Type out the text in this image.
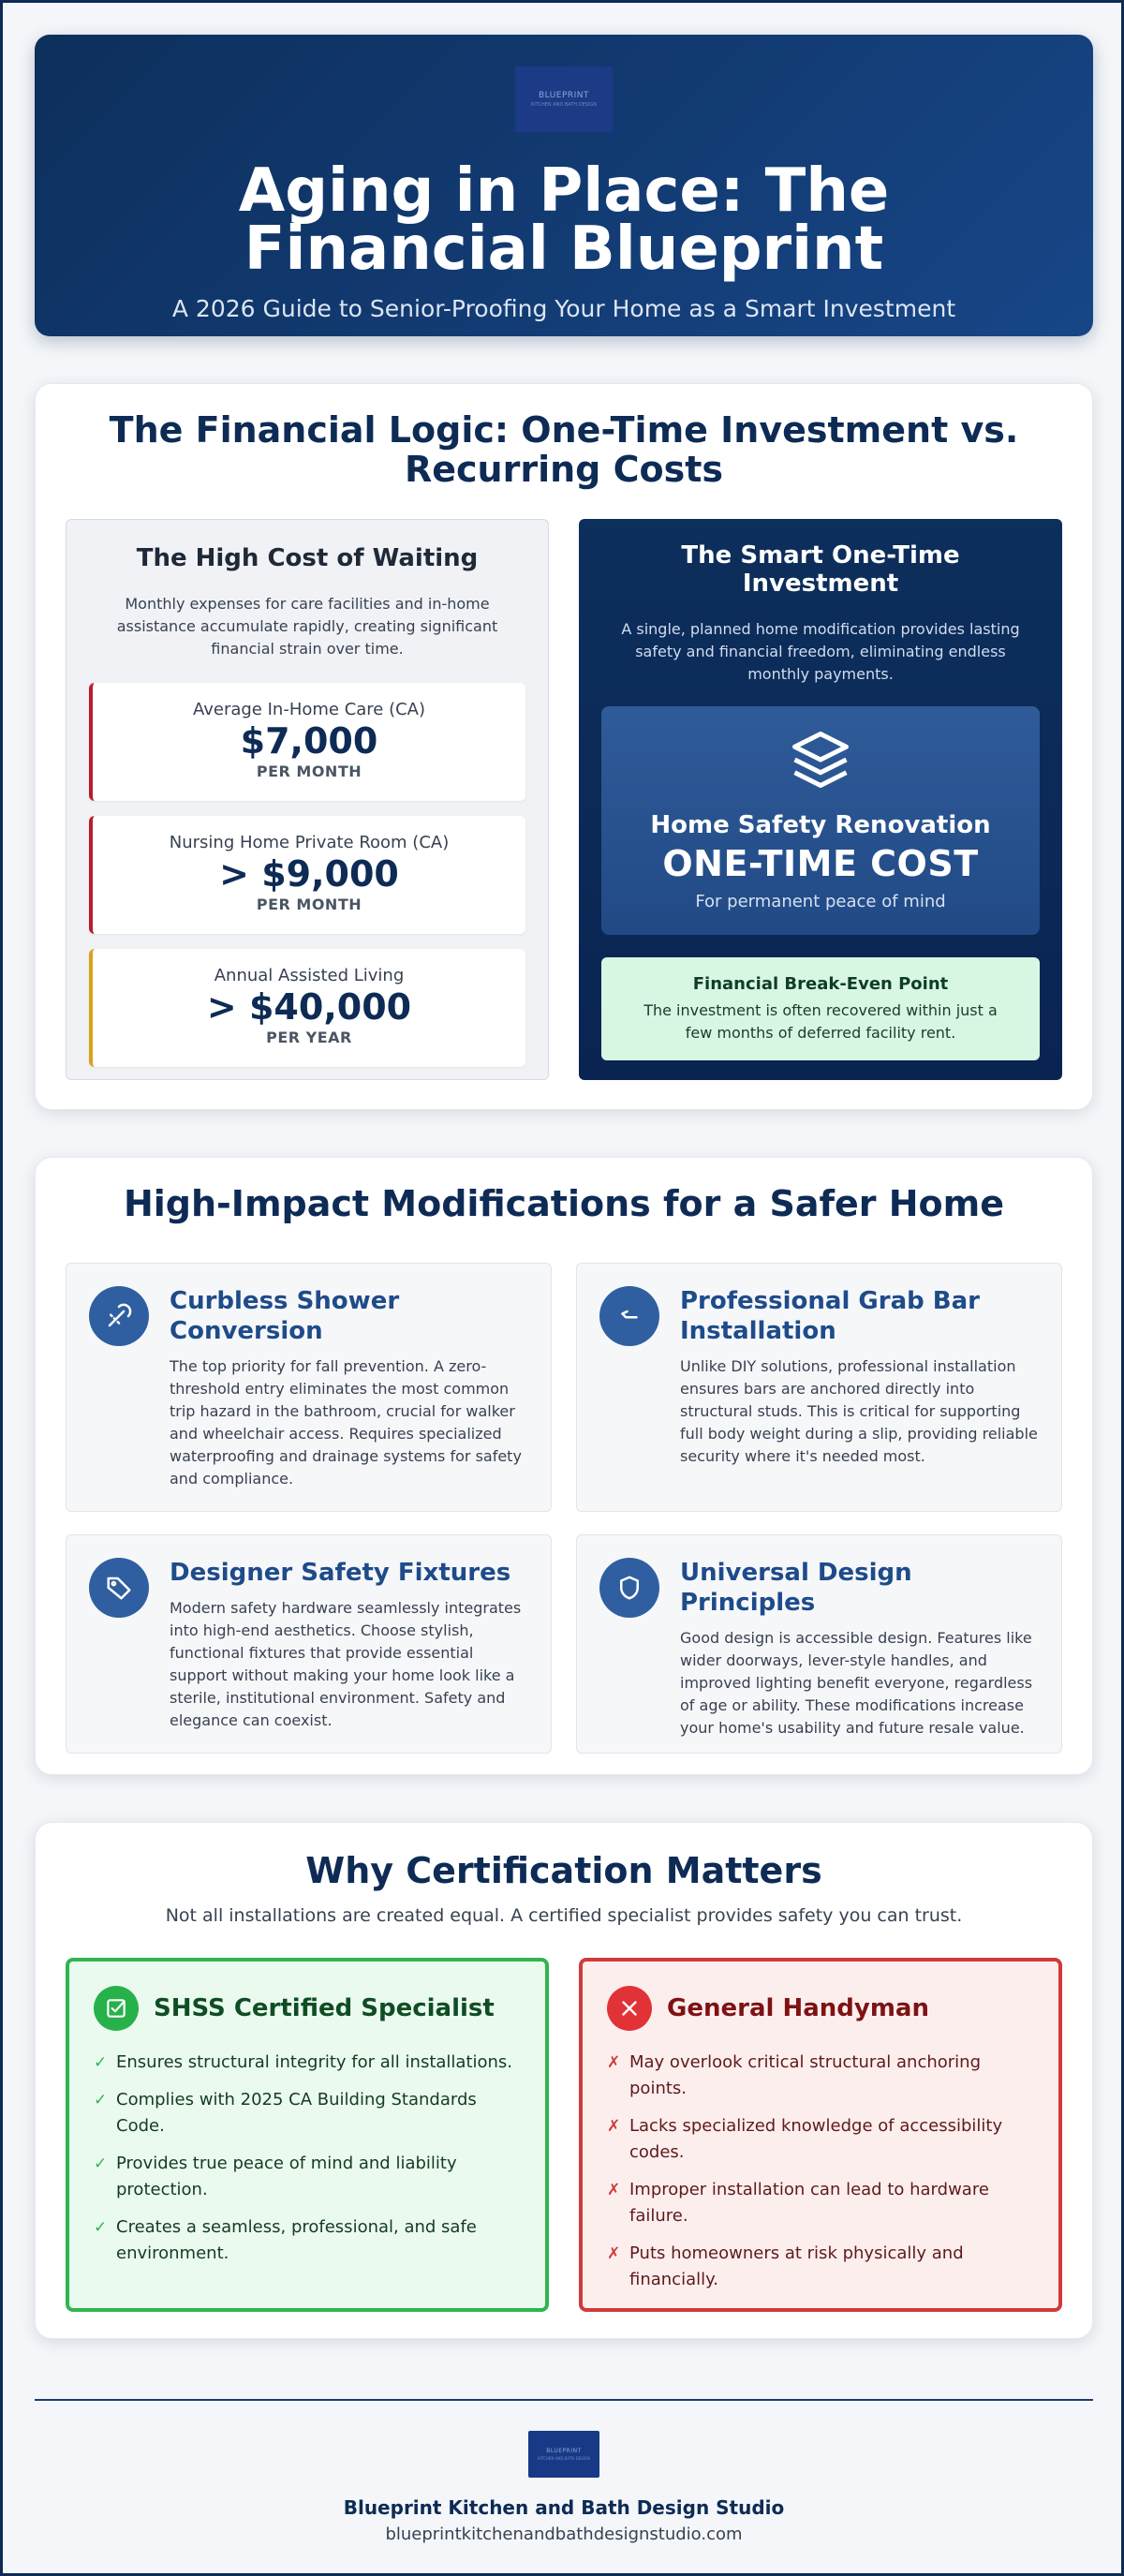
BLUEPRINT
KITCHEN AND BATH DESIGN
Aging in Place: The Financial Blueprint
A 2026 Guide to Senior-Proofing Your Home as a Smart Investment
The Financial Logic: One-Time Investment vs. Recurring Costs
The High Cost of Waiting

Monthly expenses for care facilities and in-home assistance accumulate rapidly, creating significant financial strain over time.

Average In-Home Care (CA)
$7,000
PER MONTH
Nursing Home Private Room (CA)
> $9,000
PER MONTH
Annual Assisted Living
> $40,000
PER YEAR
The Smart One-Time Investment

A single, planned home modification provides lasting safety and financial freedom, eliminating endless monthly payments.

Home Safety Renovation
ONE-TIME COST
For permanent peace of mind
Financial Break-Even Point
The investment is often recovered within just a few months of deferred facility rent.
High-Impact Modifications for a Safer Home
Curbless Shower Conversion

The top priority for fall prevention. A zero-threshold entry eliminates the most common trip hazard in the bathroom, crucial for walker and wheelchair access. Requires specialized waterproofing and drainage systems for safety and compliance.

Professional Grab Bar Installation

Unlike DIY solutions, professional installation ensures bars are anchored directly into structural studs. This is critical for supporting full body weight during a slip, providing reliable security where it's needed most.

Designer Safety Fixtures

Modern safety hardware seamlessly integrates into high-end aesthetics. Choose stylish, functional fixtures that provide essential support without making your home look like a sterile, institutional environment. Safety and elegance can coexist.

Universal Design Principles

Good design is accessible design. Features like wider doorways, lever-style handles, and improved lighting benefit everyone, regardless of age or ability. These modifications increase your home's usability and future resale value.

Why Certification Matters

Not all installations are created equal. A certified specialist provides safety you can trust.

SHSS Certified Specialist
✓ Ensures structural integrity for all installations.
✓ Complies with 2025 CA Building Standards Code.
✓ Provides true peace of mind and liability protection.
✓ Creates a seamless, professional, and safe environment.
General Handyman
✗ May overlook critical structural anchoring points.
✗ Lacks specialized knowledge of accessibility codes.
✗ Improper installation can lead to hardware failure.
✗ Puts homeowners at risk physically and financially.
BLUEPRINT
KITCHEN AND BATH DESIGN
Blueprint Kitchen and Bath Design Studio
blueprintkitchenandbathdesignstudio.com
